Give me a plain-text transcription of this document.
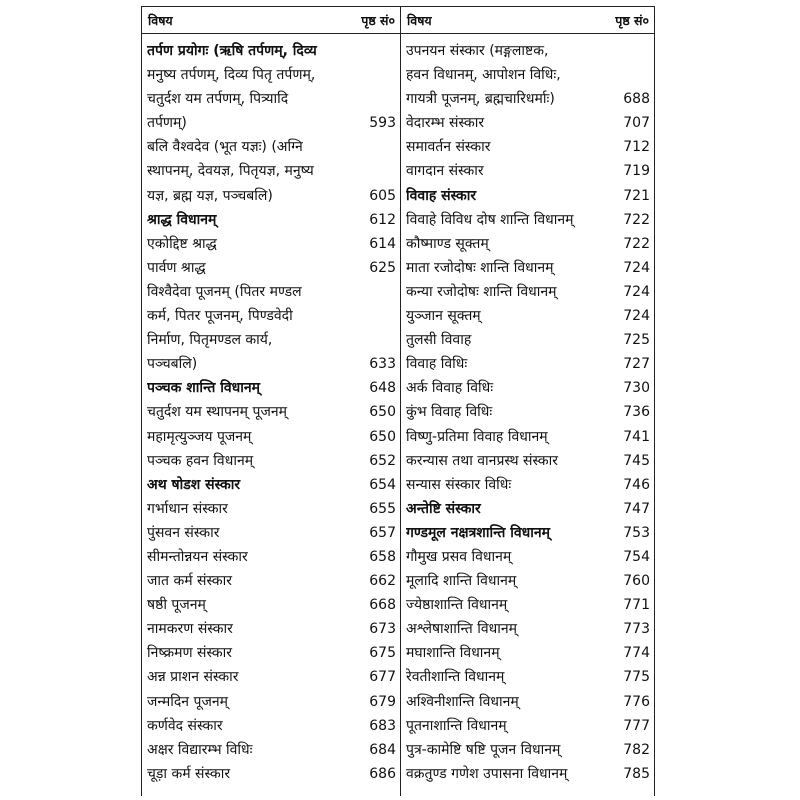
विषय	पृष्ठ सं०
तर्पण प्रयोगः (ऋषि तर्पणम्, दिव्य
मनुष्य तर्पणम्, दिव्य पितृ तर्पणम्,
चतुर्दश यम तर्पणम्, पित्र्यादि
तर्पणम्)	593
बलि वैश्वदेव (भूत यज्ञः) (अग्नि
स्थापनम्, देवयज्ञ, पितृयज्ञ, मनुष्य
यज्ञ, ब्रह्म यज्ञ, पञ्चबलि)	605
श्राद्ध विधानम्	612
एकोद्दिष्ट श्राद्ध	614
पार्वण श्राद्ध	625
विश्वैदेवा पूजनम् (पितर मण्डल
कर्म, पितर पूजनम्, पिण्डवेदी
निर्माण, पितृमण्डल कार्य,
पञ्चबलि)	633
पञ्चक शान्ति विधानम्	648
चतुर्दश यम स्थापनम् पूजनम्	650
महामृत्युञ्जय पूजनम्	650
पञ्चक हवन विधानम्	652
अथ षोडश संस्कार	654
गर्भाधान संस्कार	655
पुंसवन संस्कार	657
सीमन्तोन्नयन संस्कार	658
जात कर्म संस्कार	662
षष्ठी पूजनम्	668
नामकरण संस्कार	673
निष्क्रमण संस्कार	675
अन्न प्राशन संस्कार	677
जन्मदिन पूजनम्	679
कर्णवेद संस्कार	683
अक्षर विद्यारम्भ विधिः	684
चूड़ा कर्म संस्कार	686
विषय	पृष्ठ सं०
उपनयन संस्कार (मङ्गलाष्टक,
हवन विधानम्, आपोशन विधिः,
गायत्री पूजनम्, ब्रह्मचारिधर्माः)	688
वेदारम्भ संस्कार	707
समावर्तन संस्कार	712
वागदान संस्कार	719
विवाह संस्कार	721
विवाहे विविध दोष शान्ति विधानम्	722
कौष्माण्ड सूक्तम्	722
माता रजोदोषः शान्ति विधानम्	724
कन्या रजोदोषः शान्ति विधानम्	724
युञ्जान सूक्तम्	724
तुलसी विवाह	725
विवाह विधिः	727
अर्क विवाह विधिः	730
कुंभ विवाह विधिः	736
विष्णु-प्रतिमा विवाह विधानम्	741
करन्यास तथा वानप्रस्थ संस्कार	745
सन्यास संस्कार विधिः	746
अन्तेष्टि संस्कार	747
गण्डमूल नक्षत्रशान्ति विधानम्	753
गौमुख प्रसव विधानम्	754
मूलादि शान्ति विधानम्	760
ज्येष्ठाशान्ति विधानम्	771
अश्लेषाशान्ति विधानम्	773
मघाशान्ति विधानम्	774
रेवतीशान्ति विधानम्	775
अश्विनीशान्ति विधानम्	776
पूतनाशान्ति विधानम्	777
पुत्र-कामेष्टि षष्टि पूजन विधानम्	782
वक्रतुण्ड गणेश उपासना विधानम्	785
